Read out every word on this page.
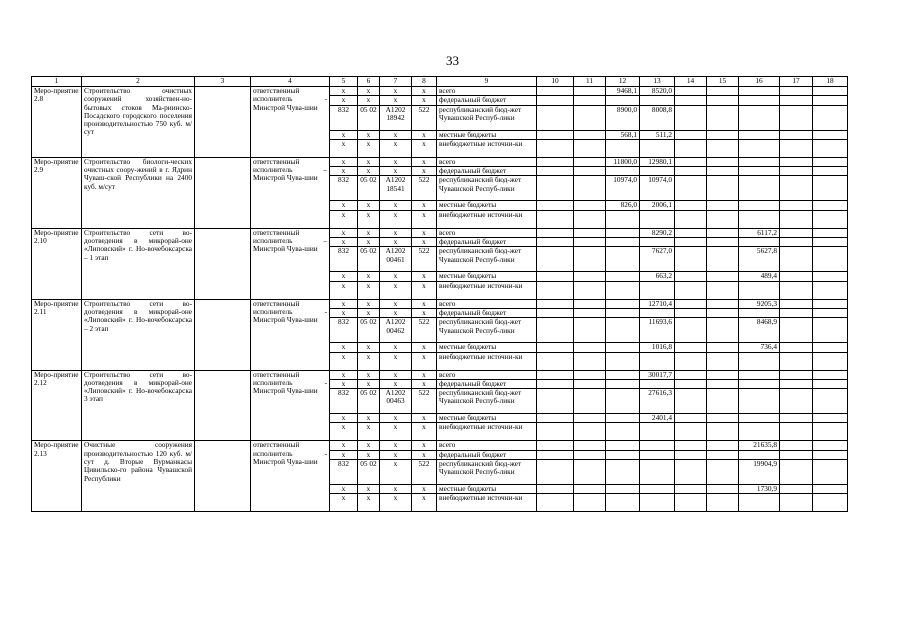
33
1	2	3	4	5	6	7	8	9	10	11	12	13	14	15	16	17	18
Меро-приятие 2.8	Строительство очистных сооружений хозяйствен-но-бытовых стоков Ма-риинско-Посадского городского поселения производительностью 750 куб. м/сут		ответственный исполнитель - Минстрой Чува-шии	x	x	x	x	всего			9468,1	8520,0					
				x	x	x	x	федеральный бюджет									
				832	05 02	А1202 18942	522	республиканский бюд-жет Чувашской Респуб-лики			8900,0	8008,8					
				x	x	x	x	местные бюджеты			568,1	511,2					
				x	x	x	x	внебюджетные источни-ки									
Меро-приятие 2.9	Строительство биологи-ческих очистных соору-жений в г. Ядрин Чуваш-ской Республики на 2400 куб. м/сут		ответственный исполнитель – Минстрой Чува-шии	x	x	x	x	всего			11800,0	12980,1					
				x	x	x	x	федеральный бюджет									
				832	05 02	А1202 18541	522	республиканский бюд-жет Чувашской Респуб-лики			10974,0	10974,0					
				x	x	x	x	местные бюджеты			826,0	2006,1					
				x	x	x	x	внебюджетные источни-ки									
Меро-приятие 2.10	Строительство сети во-доотведения в микрорай-оне «Липовский» г. Но-вочебоксарска – 1 этап		ответственный исполнитель – Минстрой Чува-шии	x	x	x	x	всего				8290,2			6117,2		
				x	x	x	x	федеральный бюджет									
				832	05 02	А1202 00461	522	республиканский бюд-жет Чувашской Респуб-лики				7627,0			5627,8		
				x	x	x	x	местные бюджеты				663,2			489,4		
				x	x	x	x	внебюджетные источни-ки									
Меро-приятие 2.11	Строительство сети во-доотведения в микрорай-оне «Липовский» г. Но-вочебоксарска – 2 этап		ответственный исполнитель - Минстрой Чува-шии	x	x	x	x	всего				12710,4			9205,3		
				x	x	x	x	федеральный бюджет									
				832	05 02	А1202 00462	522	республиканский бюд-жет Чувашской Респуб-лики				11693,6			8468,9		
				x	x	x	x	местные бюджеты				1016,8			736,4		
				x	x	x	x	внебюджетные источни-ки									
Меро-приятие 2.12	Строительство сети во-доотведения в микрорай-оне «Липовский» г. Но-вочебоксарска 3 этап		ответственный исполнитель - Минстрой Чува-шии	x	x	x	x	всего				30017,7					
				x	x	x	x	федеральный бюджет									
				832	05 02	А1202 00463	522	республиканский бюд-жет Чувашской Респуб-лики				27616,3					
				x	x	x	x	местные бюджеты				2401,4					
				x	x	x	x	внебюджетные источни-ки									
Меро-приятие 2.13	Очистные сооружения производительностью 120 куб. м/сут д. Вторые Вурманкасы Цивильско-го района Чувашской Республики		ответственный исполнитель - Минстрой Чува-шии	x	x	x	x	всего							21635,8		
				x	x	x	x	федеральный бюджет									
				832	05 02	x	522	республиканский бюд-жет Чувашской Респуб-лики							19904,9		
				x	x	x	x	местные бюджеты							1730,9		
				x	x	x	x	внебюджетные источни-ки									
